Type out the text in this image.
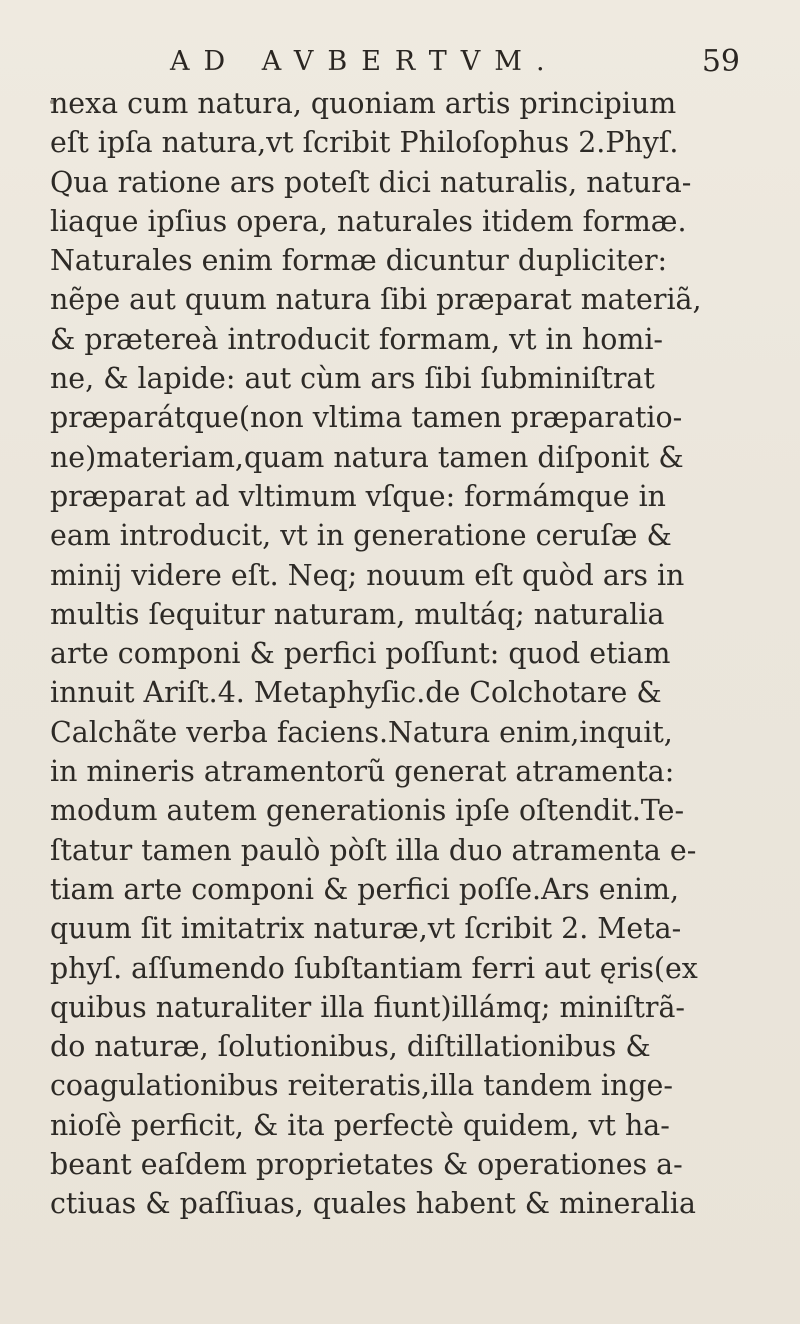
AD AVBERTVM.	59
nexa cum natura, quoniam artis principium
eſt ipſa natura,vt ſcribit Philoſophus 2.Phyſ.
Qua ratione ars poteſt dici naturalis, natura-
liaque ipſius opera, naturales itidem formæ.
Naturales enim formæ dicuntur dupliciter:
nẽpe aut quum natura ſibi præparat materiã,
& prætereà introducit formam, vt in homi-
ne, & lapide: aut cùm ars ſibi ſubminiſtrat
præparátque(non vltima tamen præparatio-
ne)materiam,quam natura tamen diſponit &
præparat ad vltimum vſque: formámque in
eam introducit, vt in generatione ceruſæ &
minij videre eſt. Neq; nouum eſt quòd ars in
multis ſequitur naturam, multáq; naturalia
arte componi & perfici poſſunt: quod etiam
innuit Ariſt.4. Metaphyſic.de Colchotare &
Calchãte verba faciens.Natura enim,inquit,
in mineris atramentorũ generat atramenta:
modum autem generationis ipſe oſtendit.Te-
ſtatur tamen paulò pòſt illa duo atramenta e-
tiam arte componi & perfici poſſe.Ars enim,
quum ſit imitatrix naturæ,vt ſcribit 2. Meta-
phyſ. aſſumendo ſubſtantiam ferri aut ęris(ex
quibus naturaliter illa fiunt)illámq; miniſtrã-
do naturæ, ſolutionibus, diſtillationibus &
coagulationibus reiteratis,illa tandem inge-
nioſè perficit, & ita perfectè quidem, vt ha-
beant eaſdem proprietates & operationes a-
ctiuas & paſſiuas, quales habent & mineralia
